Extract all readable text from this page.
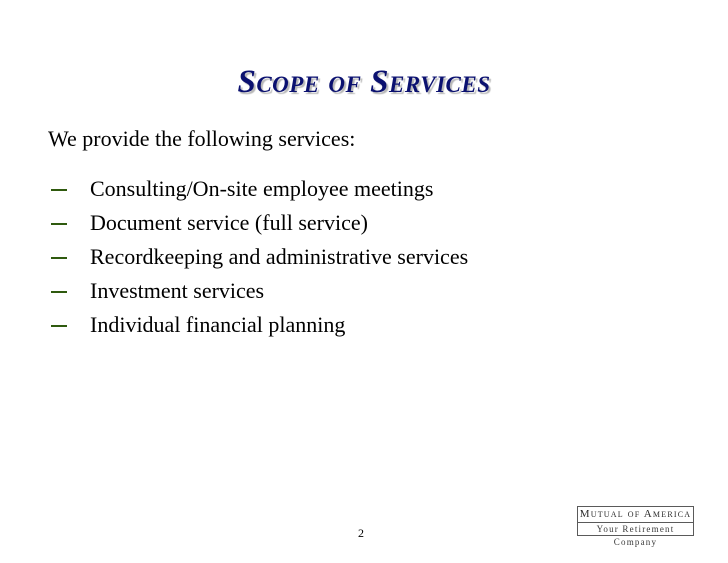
Scope of Services

We provide the following services:

Consulting/On-site employee meetings
Document service (full service)
Recordkeeping and administrative services
Investment services
Individual financial planning

2

Mutual of America
Your Retirement Company
